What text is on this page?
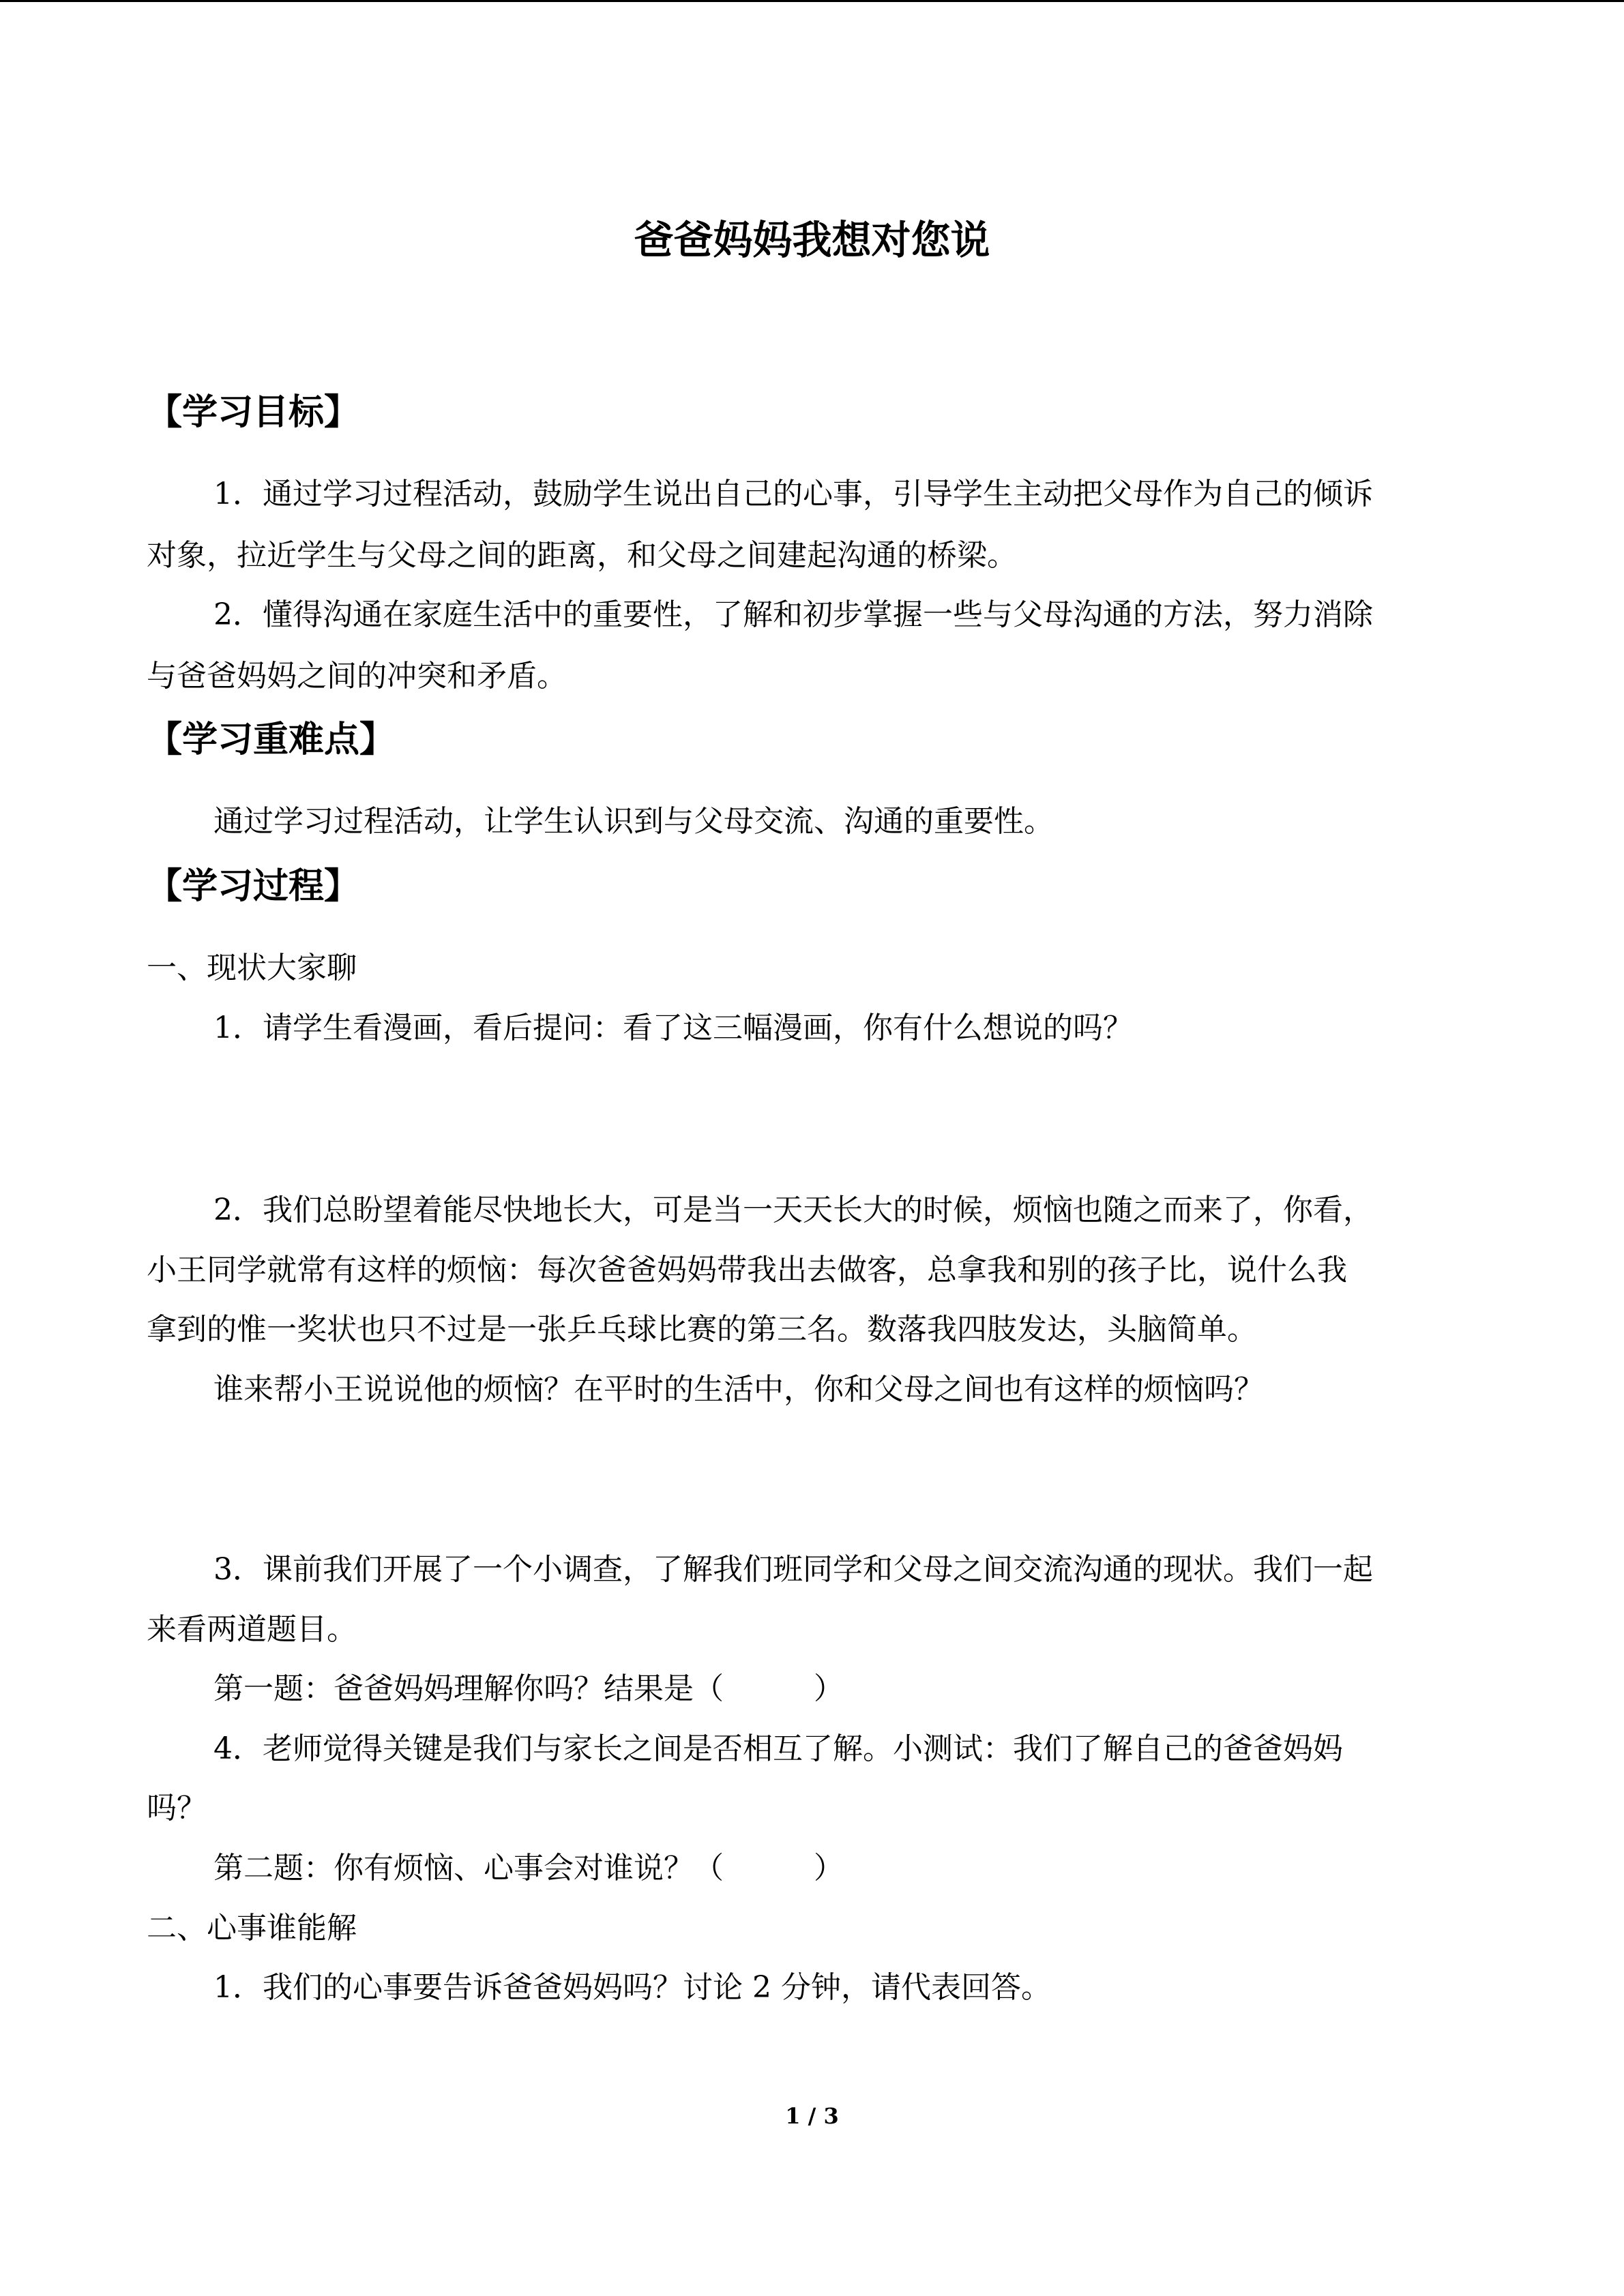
爸爸妈妈我想对您说
【学习目标】
1．通过学习过程活动，鼓励学生说出自己的心事，引导学生主动把父母作为自己的倾诉
对象，拉近学生与父母之间的距离，和父母之间建起沟通的桥梁。
2．懂得沟通在家庭生活中的重要性，了解和初步掌握一些与父母沟通的方法，努力消除
与爸爸妈妈之间的冲突和矛盾。
【学习重难点】
通过学习过程活动，让学生认识到与父母交流、沟通的重要性。
【学习过程】
一、现状大家聊
1．请学生看漫画，看后提问：看了这三幅漫画，你有什么想说的吗？
2．我们总盼望着能尽快地长大，可是当一天天长大的时候，烦恼也随之而来了，你看，
小王同学就常有这样的烦恼：每次爸爸妈妈带我出去做客，总拿我和别的孩子比，说什么我
拿到的惟一奖状也只不过是一张乒乓球比赛的第三名。数落我四肢发达，头脑简单。
谁来帮小王说说他的烦恼？在平时的生活中，你和父母之间也有这样的烦恼吗？
3．课前我们开展了一个小调查，了解我们班同学和父母之间交流沟通的现状。我们一起
来看两道题目。
第一题：爸爸妈妈理解你吗？结果是（　　　）
4．老师觉得关键是我们与家长之间是否相互了解。小测试：我们了解自己的爸爸妈妈
吗？
第二题：你有烦恼、心事会对谁说？（　　　）
二、心事谁能解
1．我们的心事要告诉爸爸妈妈吗？讨论 2 分钟，请代表回答。
1 / 3
